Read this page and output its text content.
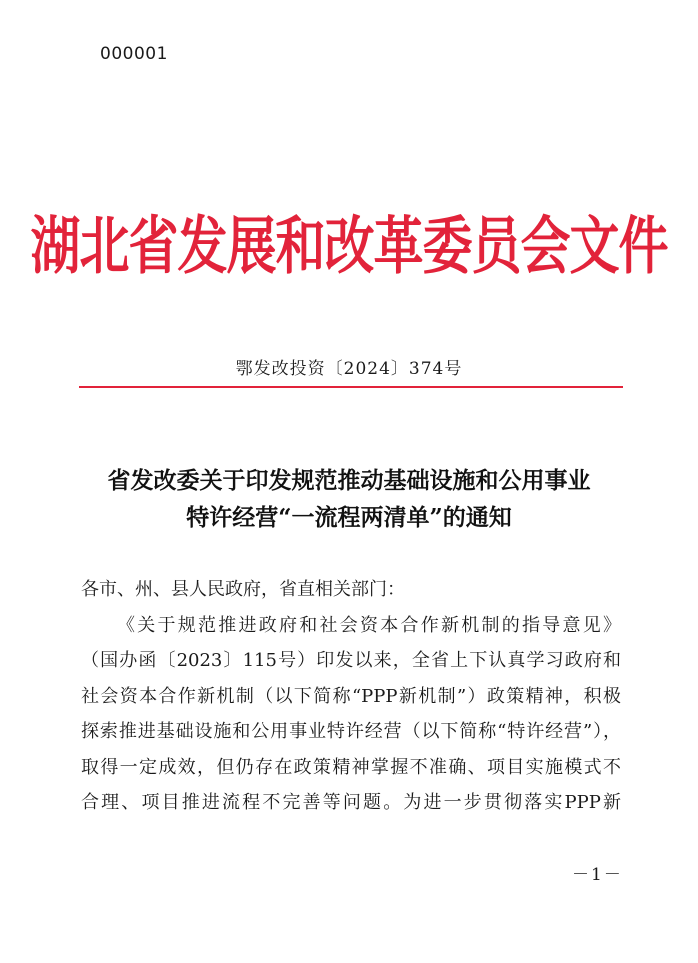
000001
湖北省发展和改革委员会文件
鄂发改投资〔2024〕374号
省发改委关于印发规范推动基础设施和公用事业
特许经营“一流程两清单”的通知
各市、州、县人民政府，省直相关部门：
《关于规范推进政府和社会资本合作新机制的指导意见》
（国办函〔2023〕115号）印发以来，全省上下认真学习政府和
社会资本合作新机制（以下简称“PPP新机制”）政策精神，积极
探索推进基础设施和公用事业特许经营（以下简称“特许经营”），
取得一定成效，但仍存在政策精神掌握不准确、项目实施模式不
合理、项目推进流程不完善等问题。为进一步贯彻落实PPP新
－1－
